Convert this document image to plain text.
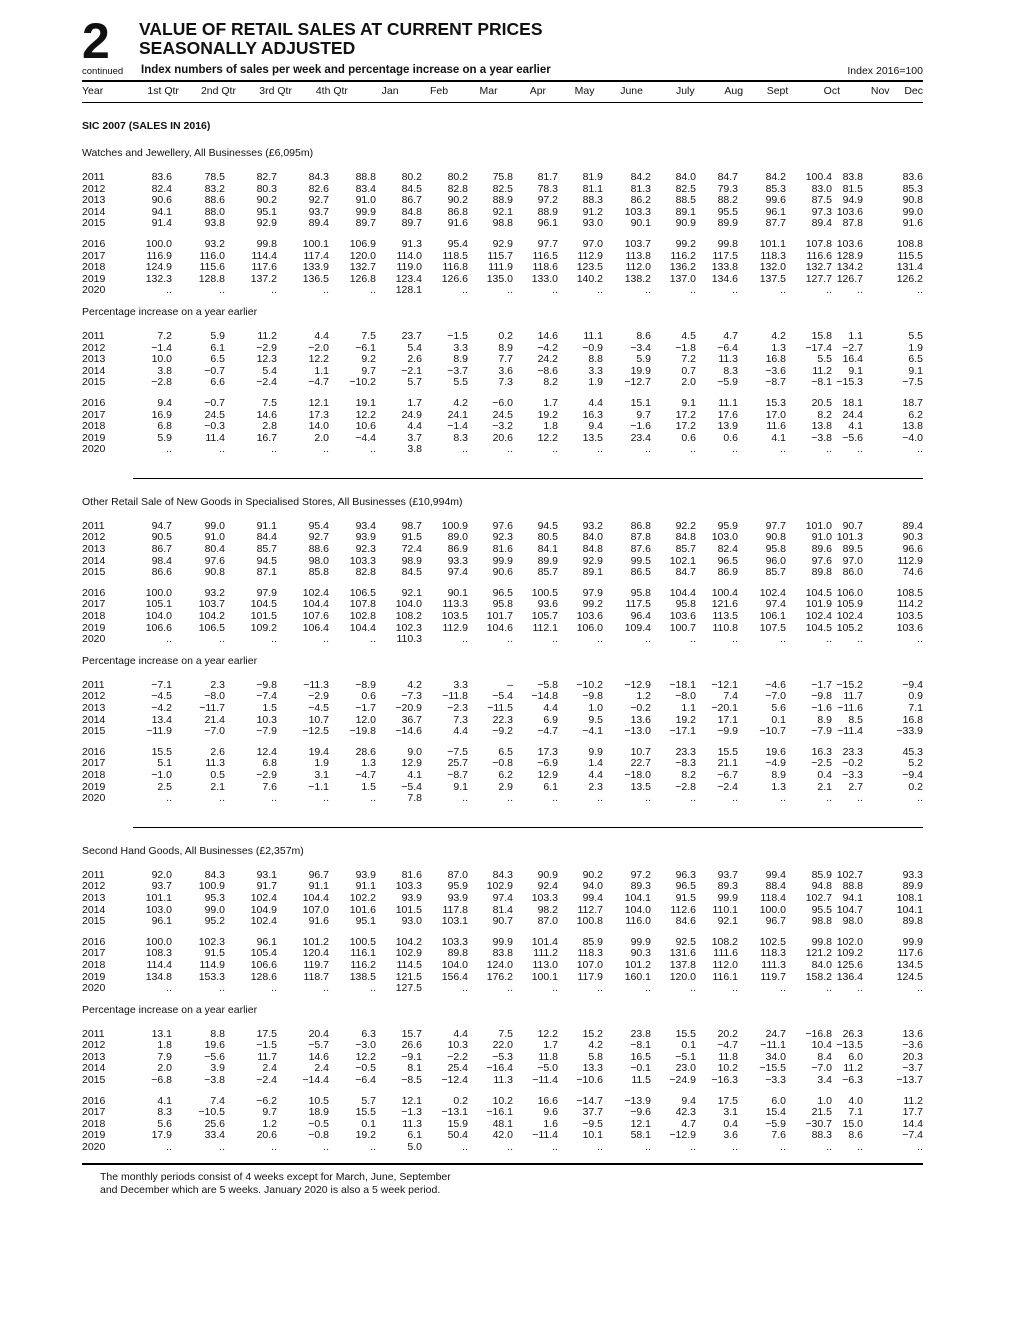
2
continued
VALUE OF RETAIL SALES AT CURRENT PRICES
SEASONALLY ADJUSTED
Index numbers of sales per week and percentage increase on a year earlier	Index 2016=100
Year	1st Qtr	2nd Qtr	3rd Qtr	4th Qtr	Jan	Feb	Mar	Apr	May	June	July	Aug	Sept	Oct	Nov	Dec
SIC 2007 (SALES IN 2016)
Watches and Jewellery, All Businesses (£6,095m)
2011	83.6	78.5	82.7	84.3	88.8	80.2	80.2	75.8	81.7	81.9	84.2	84.0	84.7	84.2	100.4	83.8	83.6
2012	82.4	83.2	80.3	82.6	83.4	84.5	82.8	82.5	78.3	81.1	81.3	82.5	79.3	85.3	83.0	81.5	85.3
2013	90.6	88.6	90.2	92.7	91.0	86.7	90.2	88.9	97.2	88.3	86.2	88.5	88.2	99.6	87.5	94.9	90.8
2014	94.1	88.0	95.1	93.7	99.9	84.8	86.8	92.1	88.9	91.2	103.3	89.1	95.5	96.1	97.3	103.6	99.0
2015	91.4	93.8	92.9	89.4	89.7	89.7	91.6	98.8	96.1	93.0	90.1	90.9	89.9	87.7	89.4	87.8	91.6
2016	100.0	93.2	99.8	100.1	106.9	91.3	95.4	92.9	97.7	97.0	103.7	99.2	99.8	101.1	107.8	103.6	108.8
2017	116.9	116.0	114.4	117.4	120.0	114.0	118.5	115.7	116.5	112.9	113.8	116.2	117.5	118.3	116.6	128.9	115.5
2018	124.9	115.6	117.6	133.9	132.7	119.0	116.8	111.9	118.6	123.5	112.0	136.2	133.8	132.0	132.7	134.2	131.4
2019	132.3	128.8	137.2	136.5	126.8	123.4	126.6	135.0	133.0	140.2	138.2	137.0	134.6	137.5	127.7	126.7	126.2
2020	..	..	..	..	..	128.1	..	..	..	..	..	..	..	..	..	..	..
Percentage increase on a year earlier
2011	7.2	5.9	11.2	4.4	7.5	23.7	−1.5	0.2	14.6	11.1	8.6	4.5	4.7	4.2	15.8	1.1	5.5
2012	−1.4	6.1	−2.9	−2.0	−6.1	5.4	3.3	8.9	−4.2	−0.9	−3.4	−1.8	−6.4	1.3	−17.4	−2.7	1.9
2013	10.0	6.5	12.3	12.2	9.2	2.6	8.9	7.7	24.2	8.8	5.9	7.2	11.3	16.8	5.5	16.4	6.5
2014	3.8	−0.7	5.4	1.1	9.7	−2.1	−3.7	3.6	−8.6	3.3	19.9	0.7	8.3	−3.6	11.2	9.1	9.1
2015	−2.8	6.6	−2.4	−4.7	−10.2	5.7	5.5	7.3	8.2	1.9	−12.7	2.0	−5.9	−8.7	−8.1	−15.3	−7.5
2016	9.4	−0.7	7.5	12.1	19.1	1.7	4.2	−6.0	1.7	4.4	15.1	9.1	11.1	15.3	20.5	18.1	18.7
2017	16.9	24.5	14.6	17.3	12.2	24.9	24.1	24.5	19.2	16.3	9.7	17.2	17.6	17.0	8.2	24.4	6.2
2018	6.8	−0.3	2.8	14.0	10.6	4.4	−1.4	−3.2	1.8	9.4	−1.6	17.2	13.9	11.6	13.8	4.1	13.8
2019	5.9	11.4	16.7	2.0	−4.4	3.7	8.3	20.6	12.2	13.5	23.4	0.6	0.6	4.1	−3.8	−5.6	−4.0
2020	..	..	..	..	..	3.8	..	..	..	..	..	..	..	..	..	..	..
Other Retail Sale of New Goods in Specialised Stores, All Businesses (£10,994m)
2011	94.7	99.0	91.1	95.4	93.4	98.7	100.9	97.6	94.5	93.2	86.8	92.2	95.9	97.7	101.0	90.7	89.4
2012	90.5	91.0	84.4	92.7	93.9	91.5	89.0	92.3	80.5	84.0	87.8	84.8	103.0	90.8	91.0	101.3	90.3
2013	86.7	80.4	85.7	88.6	92.3	72.4	86.9	81.6	84.1	84.8	87.6	85.7	82.4	95.8	89.6	89.5	96.6
2014	98.4	97.6	94.5	98.0	103.3	98.9	93.3	99.9	89.9	92.9	99.5	102.1	96.5	96.0	97.6	97.0	112.9
2015	86.6	90.8	87.1	85.8	82.8	84.5	97.4	90.6	85.7	89.1	86.5	84.7	86.9	85.7	89.8	86.0	74.6
2016	100.0	93.2	97.9	102.4	106.5	92.1	90.1	96.5	100.5	97.9	95.8	104.4	100.4	102.4	104.5	106.0	108.5
2017	105.1	103.7	104.5	104.4	107.8	104.0	113.3	95.8	93.6	99.2	117.5	95.8	121.6	97.4	101.9	105.9	114.2
2018	104.0	104.2	101.5	107.6	102.8	108.2	103.5	101.7	105.7	103.6	96.4	103.6	113.5	106.1	102.4	102.4	103.5
2019	106.6	106.5	109.2	106.4	104.4	102.3	112.9	104.6	112.1	106.0	109.4	100.7	110.8	107.5	104.5	105.2	103.6
2020	..	..	..	..	..	110.3	..	..	..	..	..	..	..	..	..	..	..
Percentage increase on a year earlier
2011	−7.1	2.3	−9.8	−11.3	−8.9	4.2	3.3	–	−5.8	−10.2	−12.9	−18.1	−12.1	−4.6	−1.7	−15.2	−9.4
2012	−4.5	−8.0	−7.4	−2.9	0.6	−7.3	−11.8	−5.4	−14.8	−9.8	1.2	−8.0	7.4	−7.0	−9.8	11.7	0.9
2013	−4.2	−11.7	1.5	−4.5	−1.7	−20.9	−2.3	−11.5	4.4	1.0	−0.2	1.1	−20.1	5.6	−1.6	−11.6	7.1
2014	13.4	21.4	10.3	10.7	12.0	36.7	7.3	22.3	6.9	9.5	13.6	19.2	17.1	0.1	8.9	8.5	16.8
2015	−11.9	−7.0	−7.9	−12.5	−19.8	−14.6	4.4	−9.2	−4.7	−4.1	−13.0	−17.1	−9.9	−10.7	−7.9	−11.4	−33.9
2016	15.5	2.6	12.4	19.4	28.6	9.0	−7.5	6.5	17.3	9.9	10.7	23.3	15.5	19.6	16.3	23.3	45.3
2017	5.1	11.3	6.8	1.9	1.3	12.9	25.7	−0.8	−6.9	1.4	22.7	−8.3	21.1	−4.9	−2.5	−0.2	5.2
2018	−1.0	0.5	−2.9	3.1	−4.7	4.1	−8.7	6.2	12.9	4.4	−18.0	8.2	−6.7	8.9	0.4	−3.3	−9.4
2019	2.5	2.1	7.6	−1.1	1.5	−5.4	9.1	2.9	6.1	2.3	13.5	−2.8	−2.4	1.3	2.1	2.7	0.2
2020	..	..	..	..	..	7.8	..	..	..	..	..	..	..	..	..	..	..
Second Hand Goods, All Businesses (£2,357m)
2011	92.0	84.3	93.1	96.7	93.9	81.6	87.0	84.3	90.9	90.2	97.2	96.3	93.7	99.4	85.9	102.7	93.3
2012	93.7	100.9	91.7	91.1	91.1	103.3	95.9	102.9	92.4	94.0	89.3	96.5	89.3	88.4	94.8	88.8	89.9
2013	101.1	95.3	102.4	104.4	102.2	93.9	93.9	97.4	103.3	99.4	104.1	91.5	99.9	118.4	102.7	94.1	108.1
2014	103.0	99.0	104.9	107.0	101.6	101.5	117.8	81.4	98.2	112.7	104.0	112.6	110.1	100.0	95.5	104.7	104.1
2015	96.1	95.2	102.4	91.6	95.1	93.0	103.1	90.7	87.0	100.8	116.0	84.6	92.1	96.7	98.8	98.0	89.8
2016	100.0	102.3	96.1	101.2	100.5	104.2	103.3	99.9	101.4	85.9	99.9	92.5	108.2	102.5	99.8	102.0	99.9
2017	108.3	91.5	105.4	120.4	116.1	102.9	89.8	83.8	111.2	118.3	90.3	131.6	111.6	118.3	121.2	109.2	117.6
2018	114.4	114.9	106.6	119.7	116.2	114.5	104.0	124.0	113.0	107.0	101.2	137.8	112.0	111.3	84.0	125.6	134.5
2019	134.8	153.3	128.6	118.7	138.5	121.5	156.4	176.2	100.1	117.9	160.1	120.0	116.1	119.7	158.2	136.4	124.5
2020	..	..	..	..	..	127.5	..	..	..	..	..	..	..	..	..	..	..
Percentage increase on a year earlier
2011	13.1	8.8	17.5	20.4	6.3	15.7	4.4	7.5	12.2	15.2	23.8	15.5	20.2	24.7	−16.8	26.3	13.6
2012	1.8	19.6	−1.5	−5.7	−3.0	26.6	10.3	22.0	1.7	4.2	−8.1	0.1	−4.7	−11.1	10.4	−13.5	−3.6
2013	7.9	−5.6	11.7	14.6	12.2	−9.1	−2.2	−5.3	11.8	5.8	16.5	−5.1	11.8	34.0	8.4	6.0	20.3
2014	2.0	3.9	2.4	2.4	−0.5	8.1	25.4	−16.4	−5.0	13.3	−0.1	23.0	10.2	−15.5	−7.0	11.2	−3.7
2015	−6.8	−3.8	−2.4	−14.4	−6.4	−8.5	−12.4	11.3	−11.4	−10.6	11.5	−24.9	−16.3	−3.3	3.4	−6.3	−13.7
2016	4.1	7.4	−6.2	10.5	5.7	12.1	0.2	10.2	16.6	−14.7	−13.9	9.4	17.5	6.0	1.0	4.0	11.2
2017	8.3	−10.5	9.7	18.9	15.5	−1.3	−13.1	−16.1	9.6	37.7	−9.6	42.3	3.1	15.4	21.5	7.1	17.7
2018	5.6	25.6	1.2	−0.5	0.1	11.3	15.9	48.1	1.6	−9.5	12.1	4.7	0.4	−5.9	−30.7	15.0	14.4
2019	17.9	33.4	20.6	−0.8	19.2	6.1	50.4	42.0	−11.4	10.1	58.1	−12.9	3.6	7.6	88.3	8.6	−7.4
2020	..	..	..	..	..	5.0	..	..	..	..	..	..	..	..	..	..	..
The monthly periods consist of 4 weeks except for March, June, September
and December which are 5 weeks. January 2020 is also a 5 week period.
